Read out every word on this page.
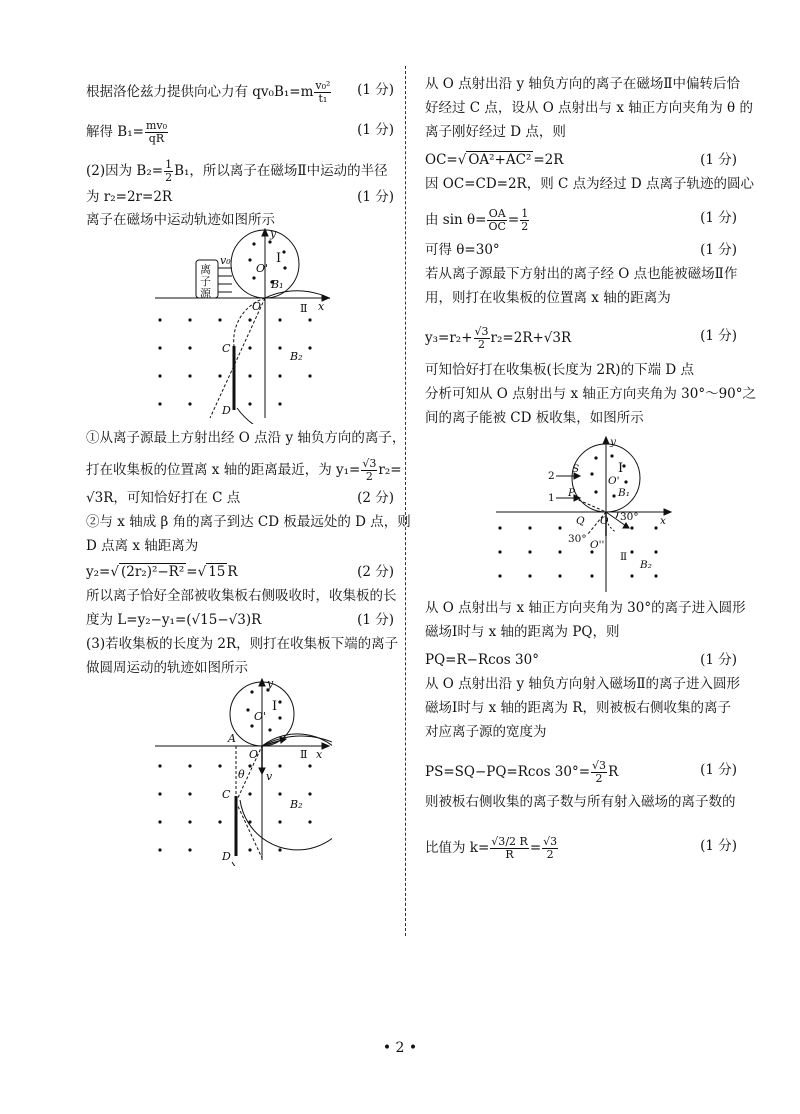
根据洛伦兹力提供向心力有 $qv_0B_1=m \frac{\text{v₀²}}{\text{t₁}} (1$ 分)
解得 $B_1= \frac{\text{mv₀}}{qR}$	(1 分)
(2)因为 $B_2= \frac{1}{2} B_1$，所以离子在磁场Ⅱ中运动的半径
为 r₂=2r=2R	(1 分)
离子在磁场中运动轨迹如图所示
①从离子源最上方射出经 O 点沿 y 轴负方向的离子，
打在收集板的位置离 x 轴的距离最近，为 $y_1= \frac{√3}{2} r_2=$
√3R，可知恰好打在 C 点	(2 分)
②与 x 轴成 β 角的离子到达 CD 板最远处的 D 点，则
D 点离 x 轴距离为
y₂=√ (2r₂)²−R² =√ 15 R	(2 分)
所以离子恰好全部被收集板右侧吸收时，收集板的长
度为 L=y₂−y₁=(√15−√3)R	(1 分)
(3)若收集板的长度为 2R，则打在收集板下端的离子
做圆周运动的轨迹如图所示
y
x
O
O'
Ⅰ
Ⅱ
B₁
B₂
C
D
v₀
离
子
源
y
x
O
O'
Ⅰ
Ⅱ
B₂
A
C
D
v
θ
从 O 点射出沿 y 轴负方向的离子在磁场Ⅱ中偏转后恰
好经过 C 点，设从 O 点射出与 x 轴正方向夹角为 θ 的
离子刚好经过 D 点，则
OC=√ OA²+AC² =2R	(1 分)
因 OC=CD=2R，则 C 点为经过 D 点离子轨迹的圆心
由 $\sin \theta= \frac{OA}{OC} = \frac{1}{2}$	(1 分)
可得 θ=30°	(1 分)
若从离子源最下方射出的离子经 O 点也能被磁场Ⅱ作
用，则打在收集板的位置离 x 轴的距离为
$y_3=r_2+ \frac{√3}{2} r_2=2R+√3R$	(1 分)
可知恰好打在收集板(长度为 2R)的下端 D 点
分析可知从 O 点射出与 x 轴正方向夹角为 30°～90°之
间的离子能被 CD 板收集，如图所示
从 O 点射出与 x 轴正方向夹角为 30°的离子进入圆形
磁场Ⅰ时与 x 轴的距离为 PQ，则
PQ=R−Rcos 30°	(1 分)
从 O 点射出沿 y 轴负方向射入磁场Ⅱ的离子进入圆形
磁场Ⅰ时与 x 轴的距离为 R，则被板右侧收集的离子
对应离子源的宽度为
PS=SQ−PQ=Rcos $30^\circ= \frac{√3}{2}$ R	(1 分)
则被板右侧收集的离子数与所有射入磁场的离子数的
比值为 $k= \frac{√3/2 R}{R} = \frac{√3}{2}$	(1 分)
y
x
O
O'
O''
Ⅰ
Ⅱ
B₁
B₂
Q
P
S
1
2
30°
30°
• 2 •
